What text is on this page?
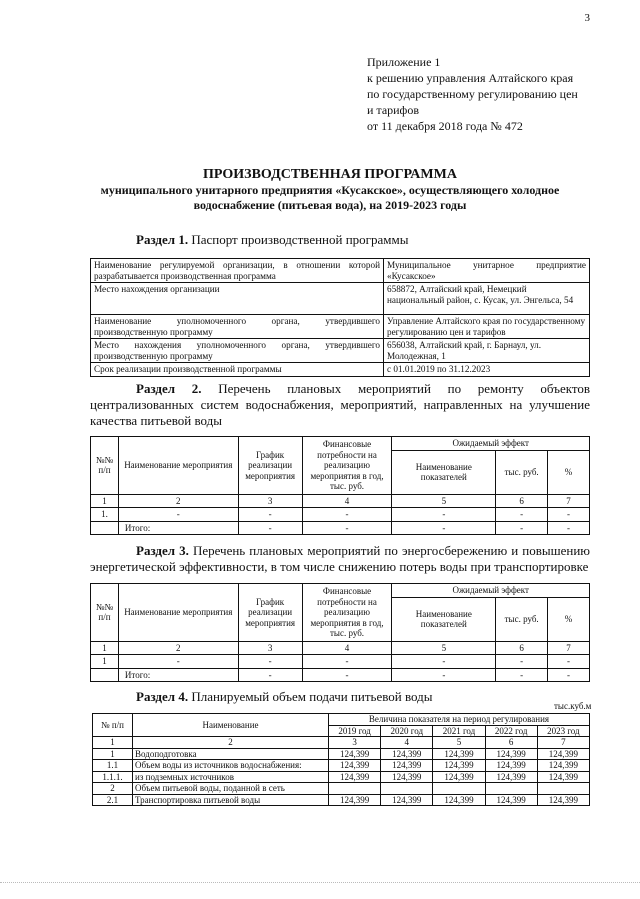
3
Приложение 1
к решению управления Алтайского края
по государственному регулированию цен
и тарифов
от 11 декабря 2018 года № 472
ПРОИЗВОДСТВЕННАЯ ПРОГРАММА
муниципального унитарного предприятия «Кусакское», осуществляющего холодное
водоснабжение (питьевая вода), на 2019-2023 годы
Раздел 1. Паспорт производственной программы
Наименование регулируемой организации, в отношении которой разрабатывается производственная программа	Муниципальное унитарное предприятие «Кусакское»
Место нахождения организации	658872, Алтайский край, Немецкий национальный район, с. Кусак, ул. Энгельса, 54
Наименование уполномоченного органа, утвердившего производственную программу	Управление Алтайского края по государственному регулированию цен и тарифов
Место нахождения уполномоченного органа, утвердившего производственную программу	656038, Алтайский край, г. Барнаул, ул. Молодежная, 1
Срок реализации производственной программы	с 01.01.2019 по 31.12.2023
Раздел 2. Перечень плановых мероприятий по ремонту объектов централизованных систем водоснабжения, мероприятий, направленных на улучшение качества питьевой воды
№№ п/п	Наименование мероприятия	График реализации мероприятия	Финансовые потребности на реализацию мероприятия в год, тыс. руб.	Ожидаемый эффект		
				Наименование показателей	тыс. руб.	%
1	2	3	4	5	6	7
1.	-	-	-	-	-	-
	Итого:	-	-	-	-	-
Раздел 3. Перечень плановых мероприятий по энергосбережению и повышению энергетической эффективности, в том числе снижению потерь воды при транспортировке
№№ п/п	Наименование мероприятия	График реализации мероприятия	Финансовые потребности на реализацию мероприятия в год, тыс. руб.	Ожидаемый эффект		
				Наименование показателей	тыс. руб.	%
1	2	3	4	5	6	7
1	-	-	-	-	-	-
	Итого:	-	-	-	-	-
Раздел 4. Планируемый объем подачи питьевой воды
тыс.куб.м
№ п/п	Наименование	Величина показателя на период регулирования				
		2019 год	2020 год	2021 год	2022 год	2023 год
1	2	3	4	5	6	7
1	Водоподготовка	124,399	124,399	124,399	124,399	124,399
1.1	Объем воды из источников водоснабжения:	124,399	124,399	124,399	124,399	124,399
1.1.1.	из подземных источников	124,399	124,399	124,399	124,399	124,399
2	Объем питьевой воды, поданной в сеть					
2.1	Транспортировка питьевой воды	124,399	124,399	124,399	124,399	124,399
